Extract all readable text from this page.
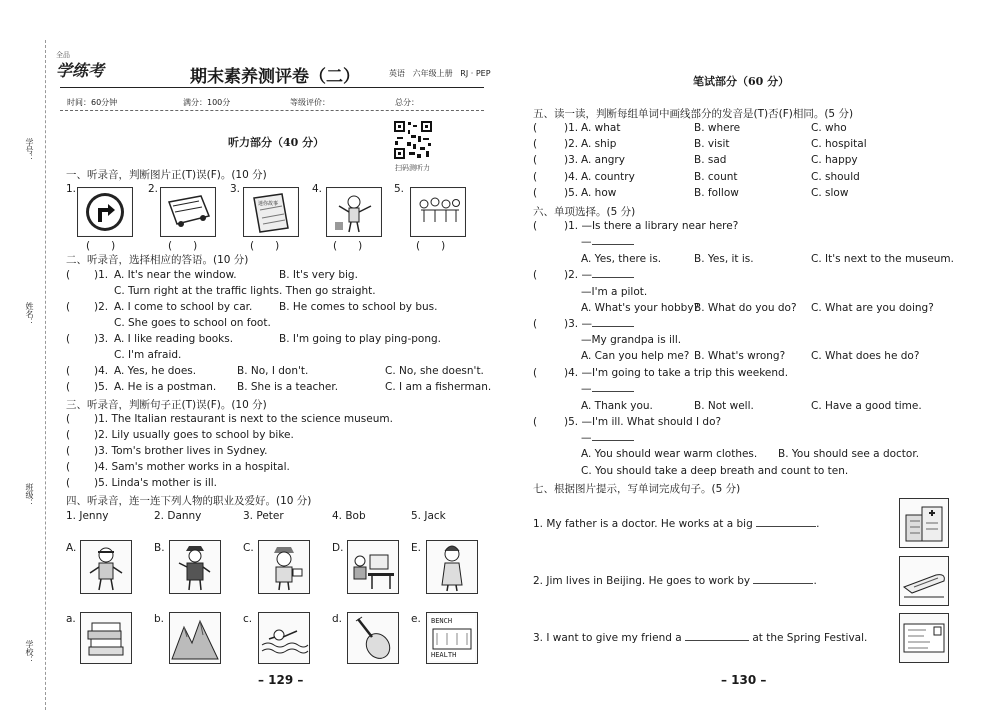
学号：
姓名：
班级：
学校：
全品
学练考	期末素养测评卷（二）	英语 六年级上册 RJ · PEP
时间：60分钟	满分：100分	等级评价：	总分：
扫码测听力
听力部分（40 分）
一、听录音，判断图片正(T)误(F)。(10 分)
1.	2.	3.	4.	5.
迷你故事
(　　)	(　　)	(　　)	(　　)	(　　)
二、听录音，选择相应的答语。(10 分)
( )1. A. It's near the window.	B. It's very big.
C. Turn right at the traffic lights. Then go straight.
( )2. A. I come to school by car.	B. He comes to school by bus.
C. She goes to school on foot.
( )3. A. I like reading books.	B. I'm going to play ping-pong.
C. I'm afraid.
( )4. A. Yes, he does.	B. No, I don't.	C. No, she doesn't.
( )5. A. He is a postman. B. She is a teacher.	C. I am a fisherman.
三、听录音，判断句子正(T)误(F)。(10 分)
( )1. The Italian restaurant is next to the science museum.
( )2. Lily usually goes to school by bike.
( )3. Tom's brother lives in Sydney.
( )4. Sam's mother works in a hospital.
( )5. Linda's mother is ill.
四、听录音，连一连下列人物的职业及爱好。(10 分)
1. Jenny	2. Danny	3. Peter	4. Bob	5. Jack
A.	B.	C.	D.	E.
a.	b.	c.	d.	e. BENCH
HEALTH
– 129 –
笔试部分（60 分）
五、读一读，判断每组单词中画线部分的发音是(T)否(F)相同。(5 分)
(	)1. A. what	B. where	C. who
(	)2. A. ship	B. visit	C. hospital
(	)3. A. angry	B. sad	C. happy
(	)4. A. country	B. count	C. should
(	)5. A. how	B. follow	C. slow
六、单项选择。(5 分)
(	)1. —Is there a library near here?
—
A. Yes, there is.	B. Yes, it is.	C. It's next to the museum.
(	)2. —
—I'm a pilot.
A. What's your hobby?
B. What do you do? C. What are you doing?
(	)3. —
—My grandpa is ill.
A. Can you help me? B. What's wrong? C. What does he do?
(	)4. —I'm going to take a trip this weekend.
—
A. Thank you.	B. Not well.	C. Have a good time.
(	)5. —I'm ill. What should I do?
—
A. You should wear warm clothes. B. You should see a doctor.
C. You should take a deep breath and count to ten.
七、根据图片提示，写单词完成句子。(5 分)
1. My father is a doctor. He works at a big	.
2. Jim lives in Beijing. He goes to work by	.
3. I want to give my friend a	at the Spring Festival.
– 130 –
